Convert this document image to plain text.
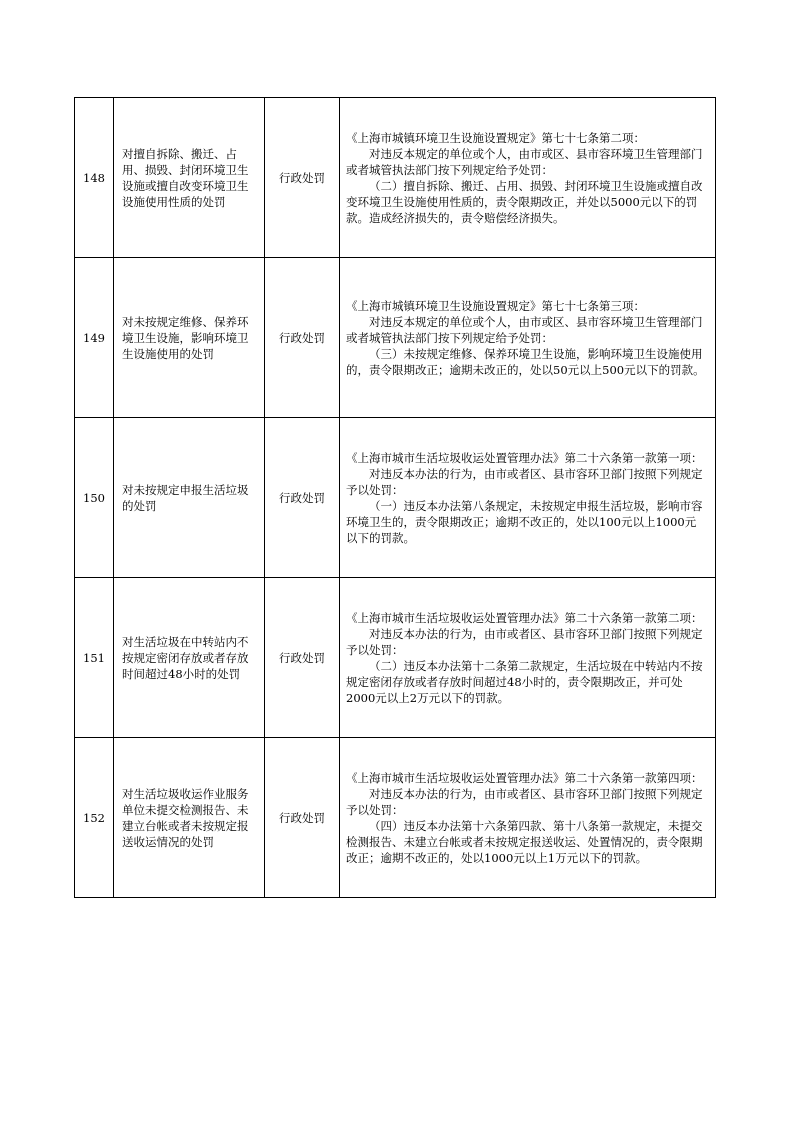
148	对擅自拆除、搬迁、占用、损毁、封闭环境卫生设施或擅自改变环境卫生设施使用性质的处罚	行政处罚	《上海市城镇环境卫生设施设置规定》第七十七条第二项：
对违反本规定的单位或个人，由市或区、县市容环境卫生管理部门或者城管执法部门按下列规定给予处罚：
（二）擅自拆除、搬迁、占用、损毁、封闭环境卫生设施或擅自改变环境卫生设施使用性质的，责令限期改正，并处以5000元以下的罚款。造成经济损失的，责令赔偿经济损失。

149	对未按规定维修、保养环境卫生设施，影响环境卫生设施使用的处罚	行政处罚	《上海市城镇环境卫生设施设置规定》第七十七条第三项：
对违反本规定的单位或个人，由市或区、县市容环境卫生管理部门或者城管执法部门按下列规定给予处罚：
（三）未按规定维修、保养环境卫生设施，影响环境卫生设施使用的，责令限期改正；逾期未改正的，处以50元以上500元以下的罚款。

150	对未按规定申报生活垃圾的处罚	行政处罚	《上海市城市生活垃圾收运处置管理办法》第二十六条第一款第一项：
对违反本办法的行为，由市或者区、县市容环卫部门按照下列规定予以处罚：
（一）违反本办法第八条规定，未按规定申报生活垃圾，影响市容环境卫生的，责令限期改正；逾期不改正的，处以100元以上1000元以下的罚款。

151	对生活垃圾在中转站内不按规定密闭存放或者存放时间超过48小时的处罚	行政处罚	《上海市城市生活垃圾收运处置管理办法》第二十六条第一款第二项：
对违反本办法的行为，由市或者区、县市容环卫部门按照下列规定予以处罚：
（二）违反本办法第十二条第二款规定，生活垃圾在中转站内不按规定密闭存放或者存放时间超过48小时的，责令限期改正，并可处2000元以上2万元以下的罚款。

152	对生活垃圾收运作业服务单位未提交检测报告、未建立台帐或者未按规定报送收运情况的处罚	行政处罚	《上海市城市生活垃圾收运处置管理办法》第二十六条第一款第四项：
对违反本办法的行为，由市或者区、县市容环卫部门按照下列规定予以处罚：
（四）违反本办法第十六条第四款、第十八条第一款规定，未提交检测报告、未建立台帐或者未按规定报送收运、处置情况的，责令限期改正；逾期不改正的，处以1000元以上1万元以下的罚款。
